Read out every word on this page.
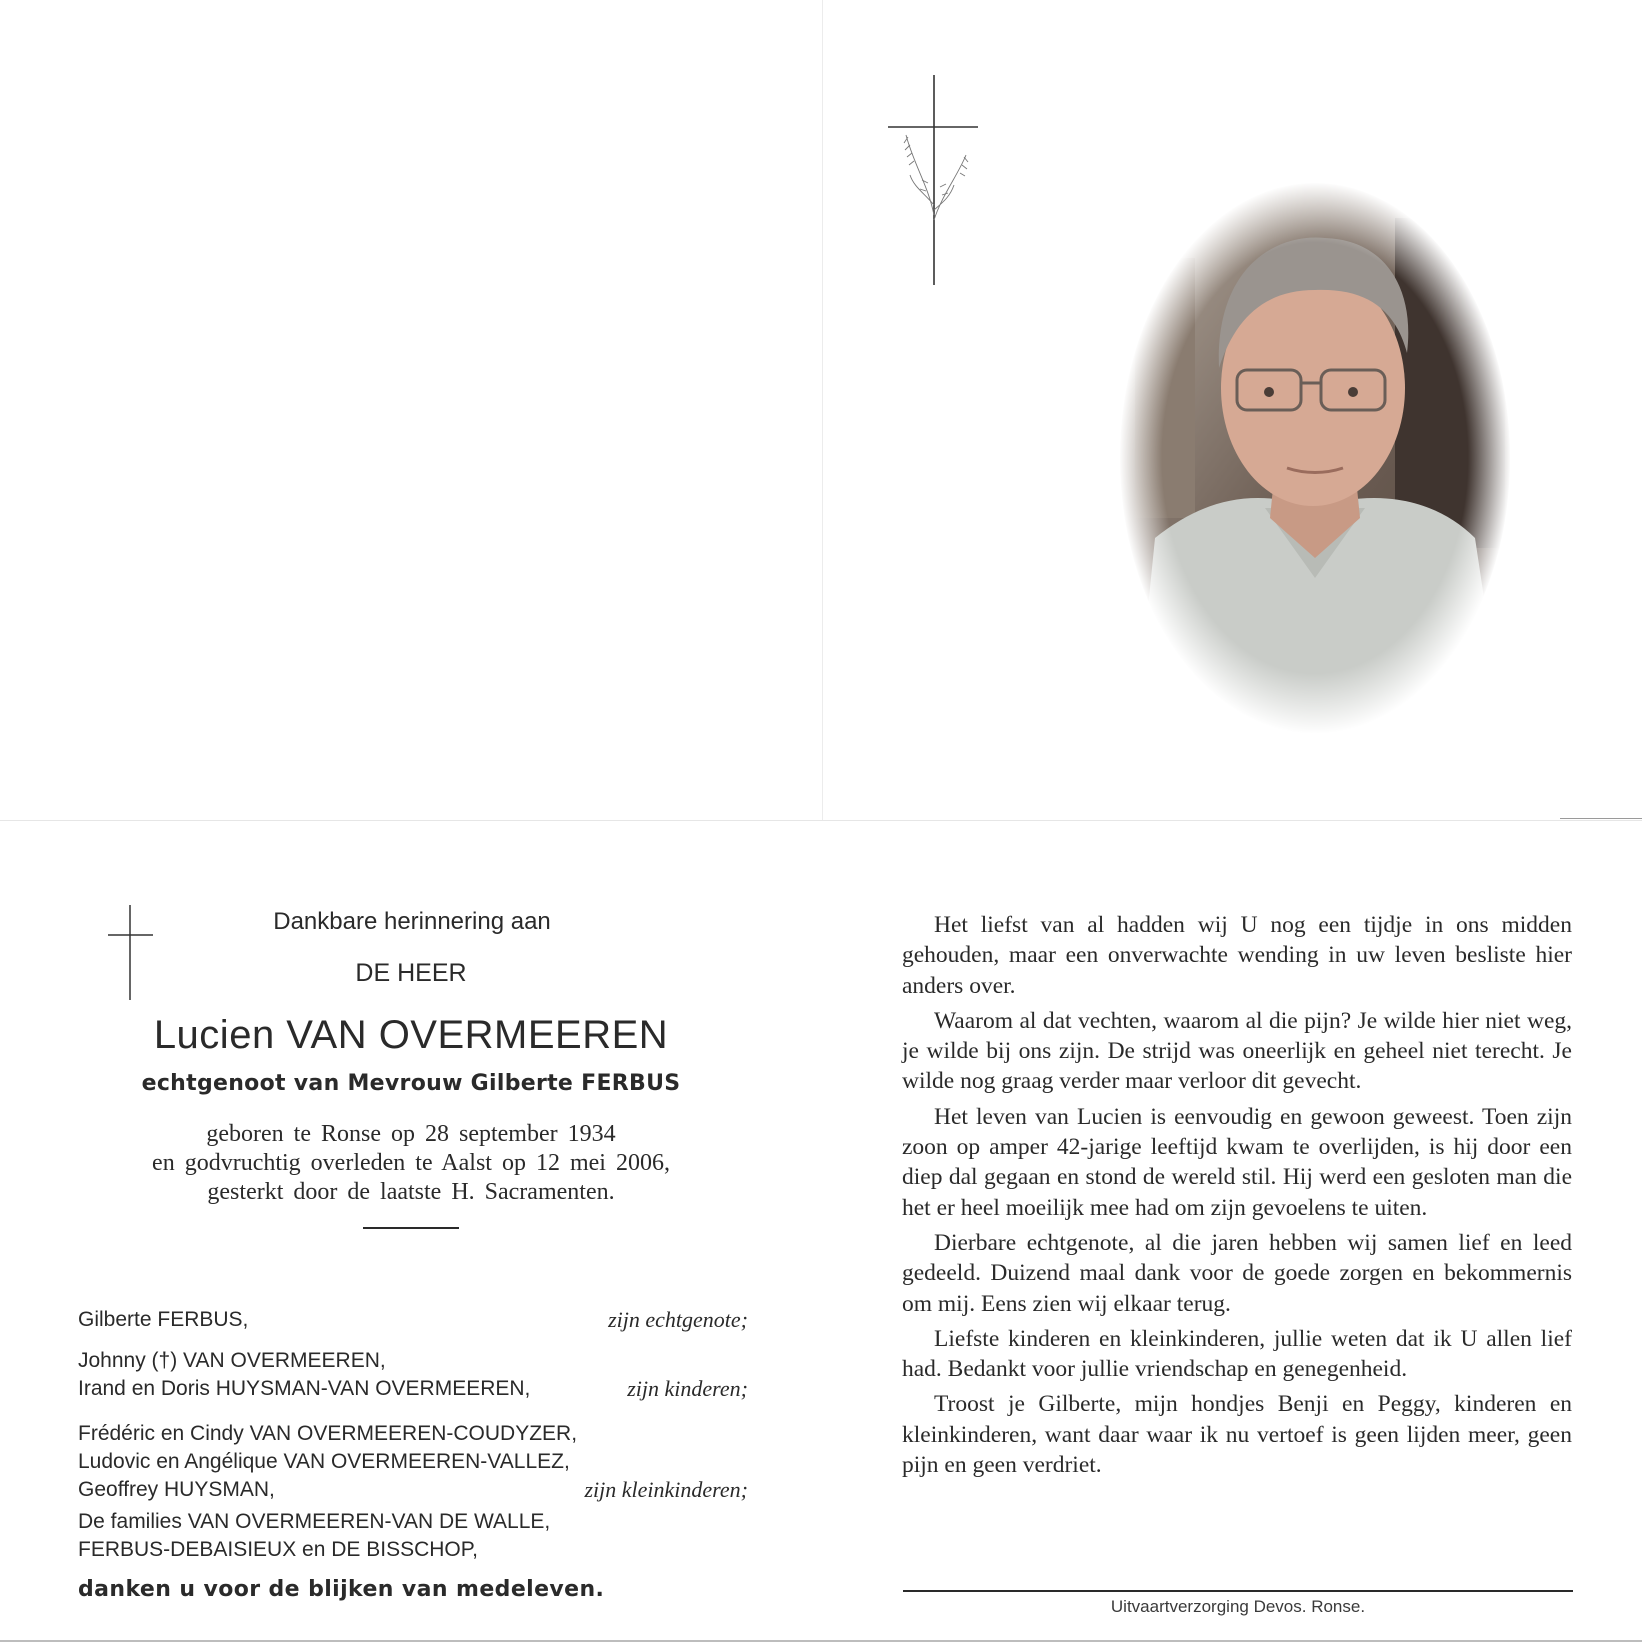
Dankbare herinnering aan
DE HEER
Lucien VAN OVERMEEREN
echtgenoot van Mevrouw Gilberte FERBUS
geboren te Ronse op 28 september 1934
en godvruchtig overleden te Aalst op 12 mei 2006,
gesterkt door de laatste H. Sacramenten.
Gilberte FERBUS,	zijn echtgenote;
Johnny (†) VAN OVERMEEREN,
Irand en Doris HUYSMAN-VAN OVERMEEREN,	zijn kinderen;
Frédéric en Cindy VAN OVERMEEREN-COUDYZER,
Ludovic en Angélique VAN OVERMEEREN-VALLEZ,
Geoffrey HUYSMAN,	zijn kleinkinderen;
De families VAN OVERMEEREN-VAN DE WALLE,
FERBUS-DEBAISIEUX en DE BISSCHOP,
danken u voor de blijken van medeleven.

Het liefst van al hadden wij U nog een tijdje in ons midden gehouden, maar een onverwachte wending in uw leven besliste hier anders over.

Waarom al dat vechten, waarom al die pijn? Je wilde hier niet weg, je wilde bij ons zijn. De strijd was oneerlijk en geheel niet terecht. Je wilde nog graag verder maar verloor dit gevecht.

Het leven van Lucien is eenvoudig en gewoon geweest. Toen zijn zoon op amper 42-jarige leeftijd kwam te overlijden, is hij door een diep dal gegaan en stond de wereld stil. Hij werd een gesloten man die het er heel moeilijk mee had om zijn gevoelens te uiten.

Dierbare echtgenote, al die jaren hebben wij samen lief en leed gedeeld. Duizend maal dank voor de goede zorgen en bekommernis om mij. Eens zien wij elkaar terug.

Liefste kinderen en kleinkinderen, jullie weten dat ik U allen lief had. Bedankt voor jullie vriendschap en genegenheid.

Troost je Gilberte, mijn hondjes Benji en Peggy, kinderen en kleinkinderen, want daar waar ik nu vertoef is geen lijden meer, geen pijn en geen verdriet.

Uitvaartverzorging Devos. Ronse.
